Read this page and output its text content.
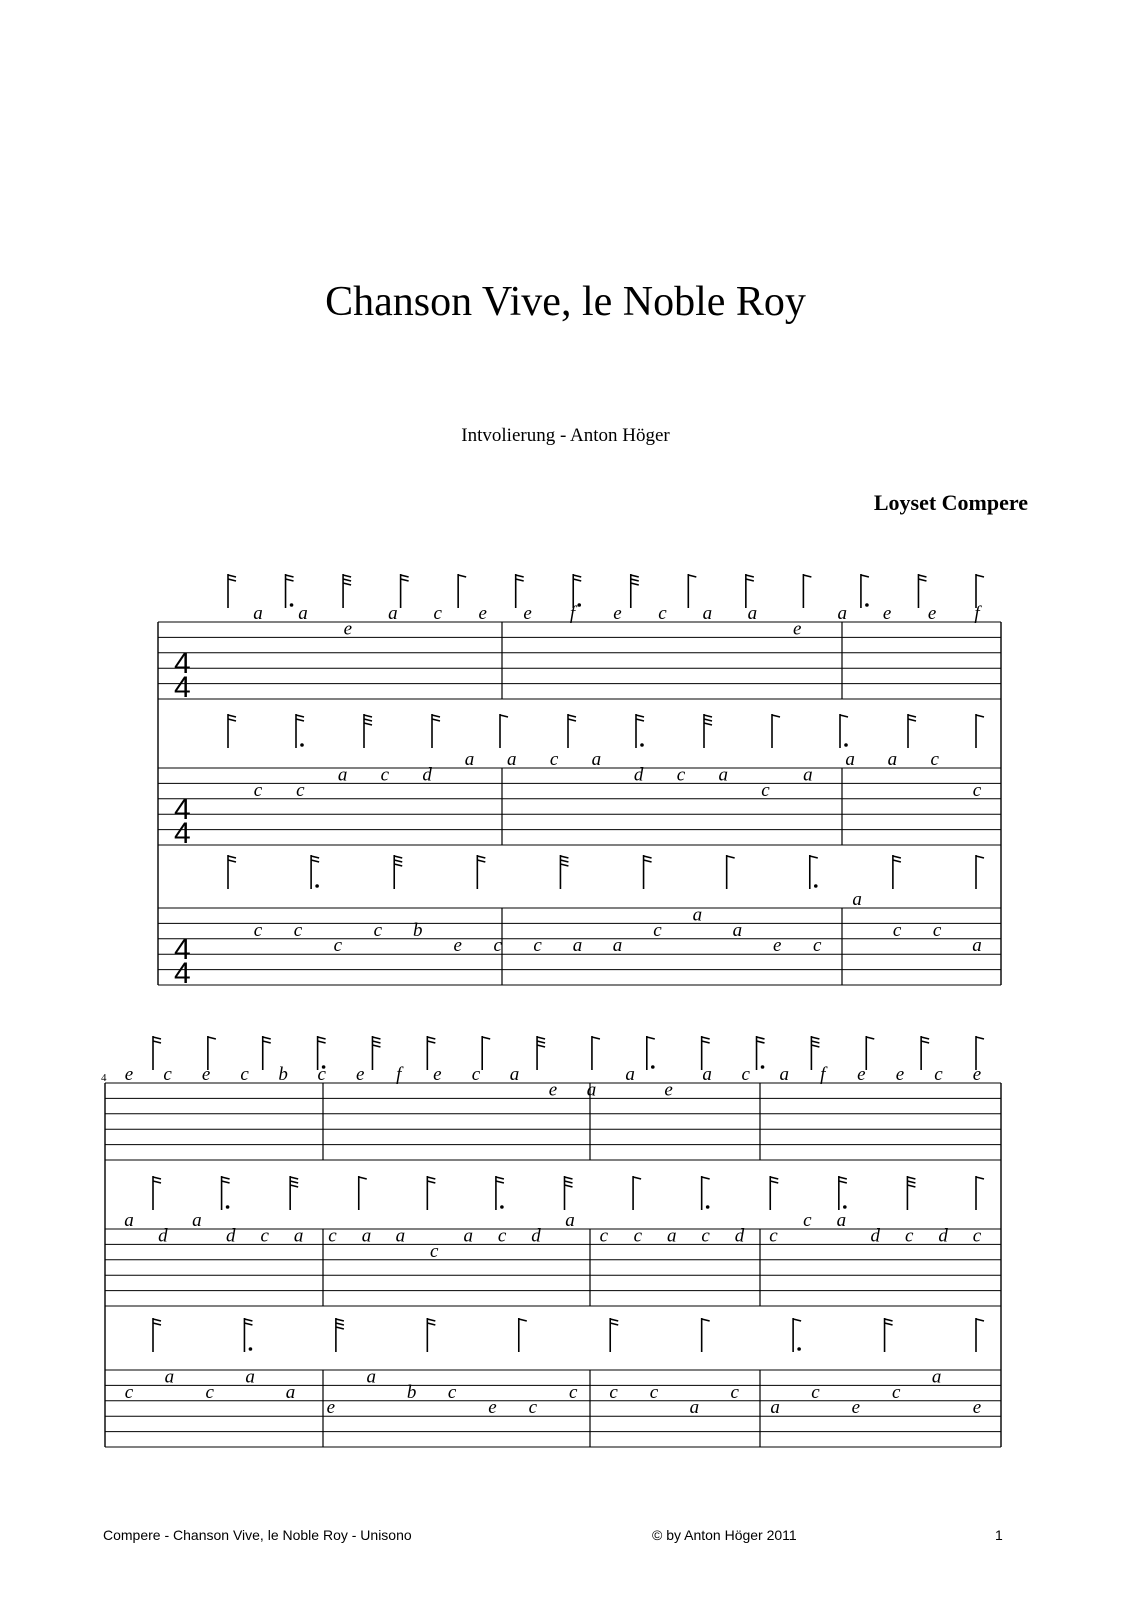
Chanson Vive, le Noble Roy
Intvolierung - Anton Höger
Loyset Compere
4
4
a a
e
a c e e f e c a a
e
a e e f
4
4
c c
a c d
a a c a
d c a
c
a
a a c
c
4
4
c c
c
c b
e c c a a
c
a
a
e c
a
c c
a
4 e c e c b c e f e c a
e a
a
e
a c a f e e c e
a
d
a
d c a c a a
c
a c d
a
c c a c d c
c a
d c d c
c
a
c
a
a
e
a
b c
e c
c c c
a
c
a
c
e
c
a
e
Compere - Chanson Vive, le Noble Roy - Unisono	© by Anton Höger 2011	1
